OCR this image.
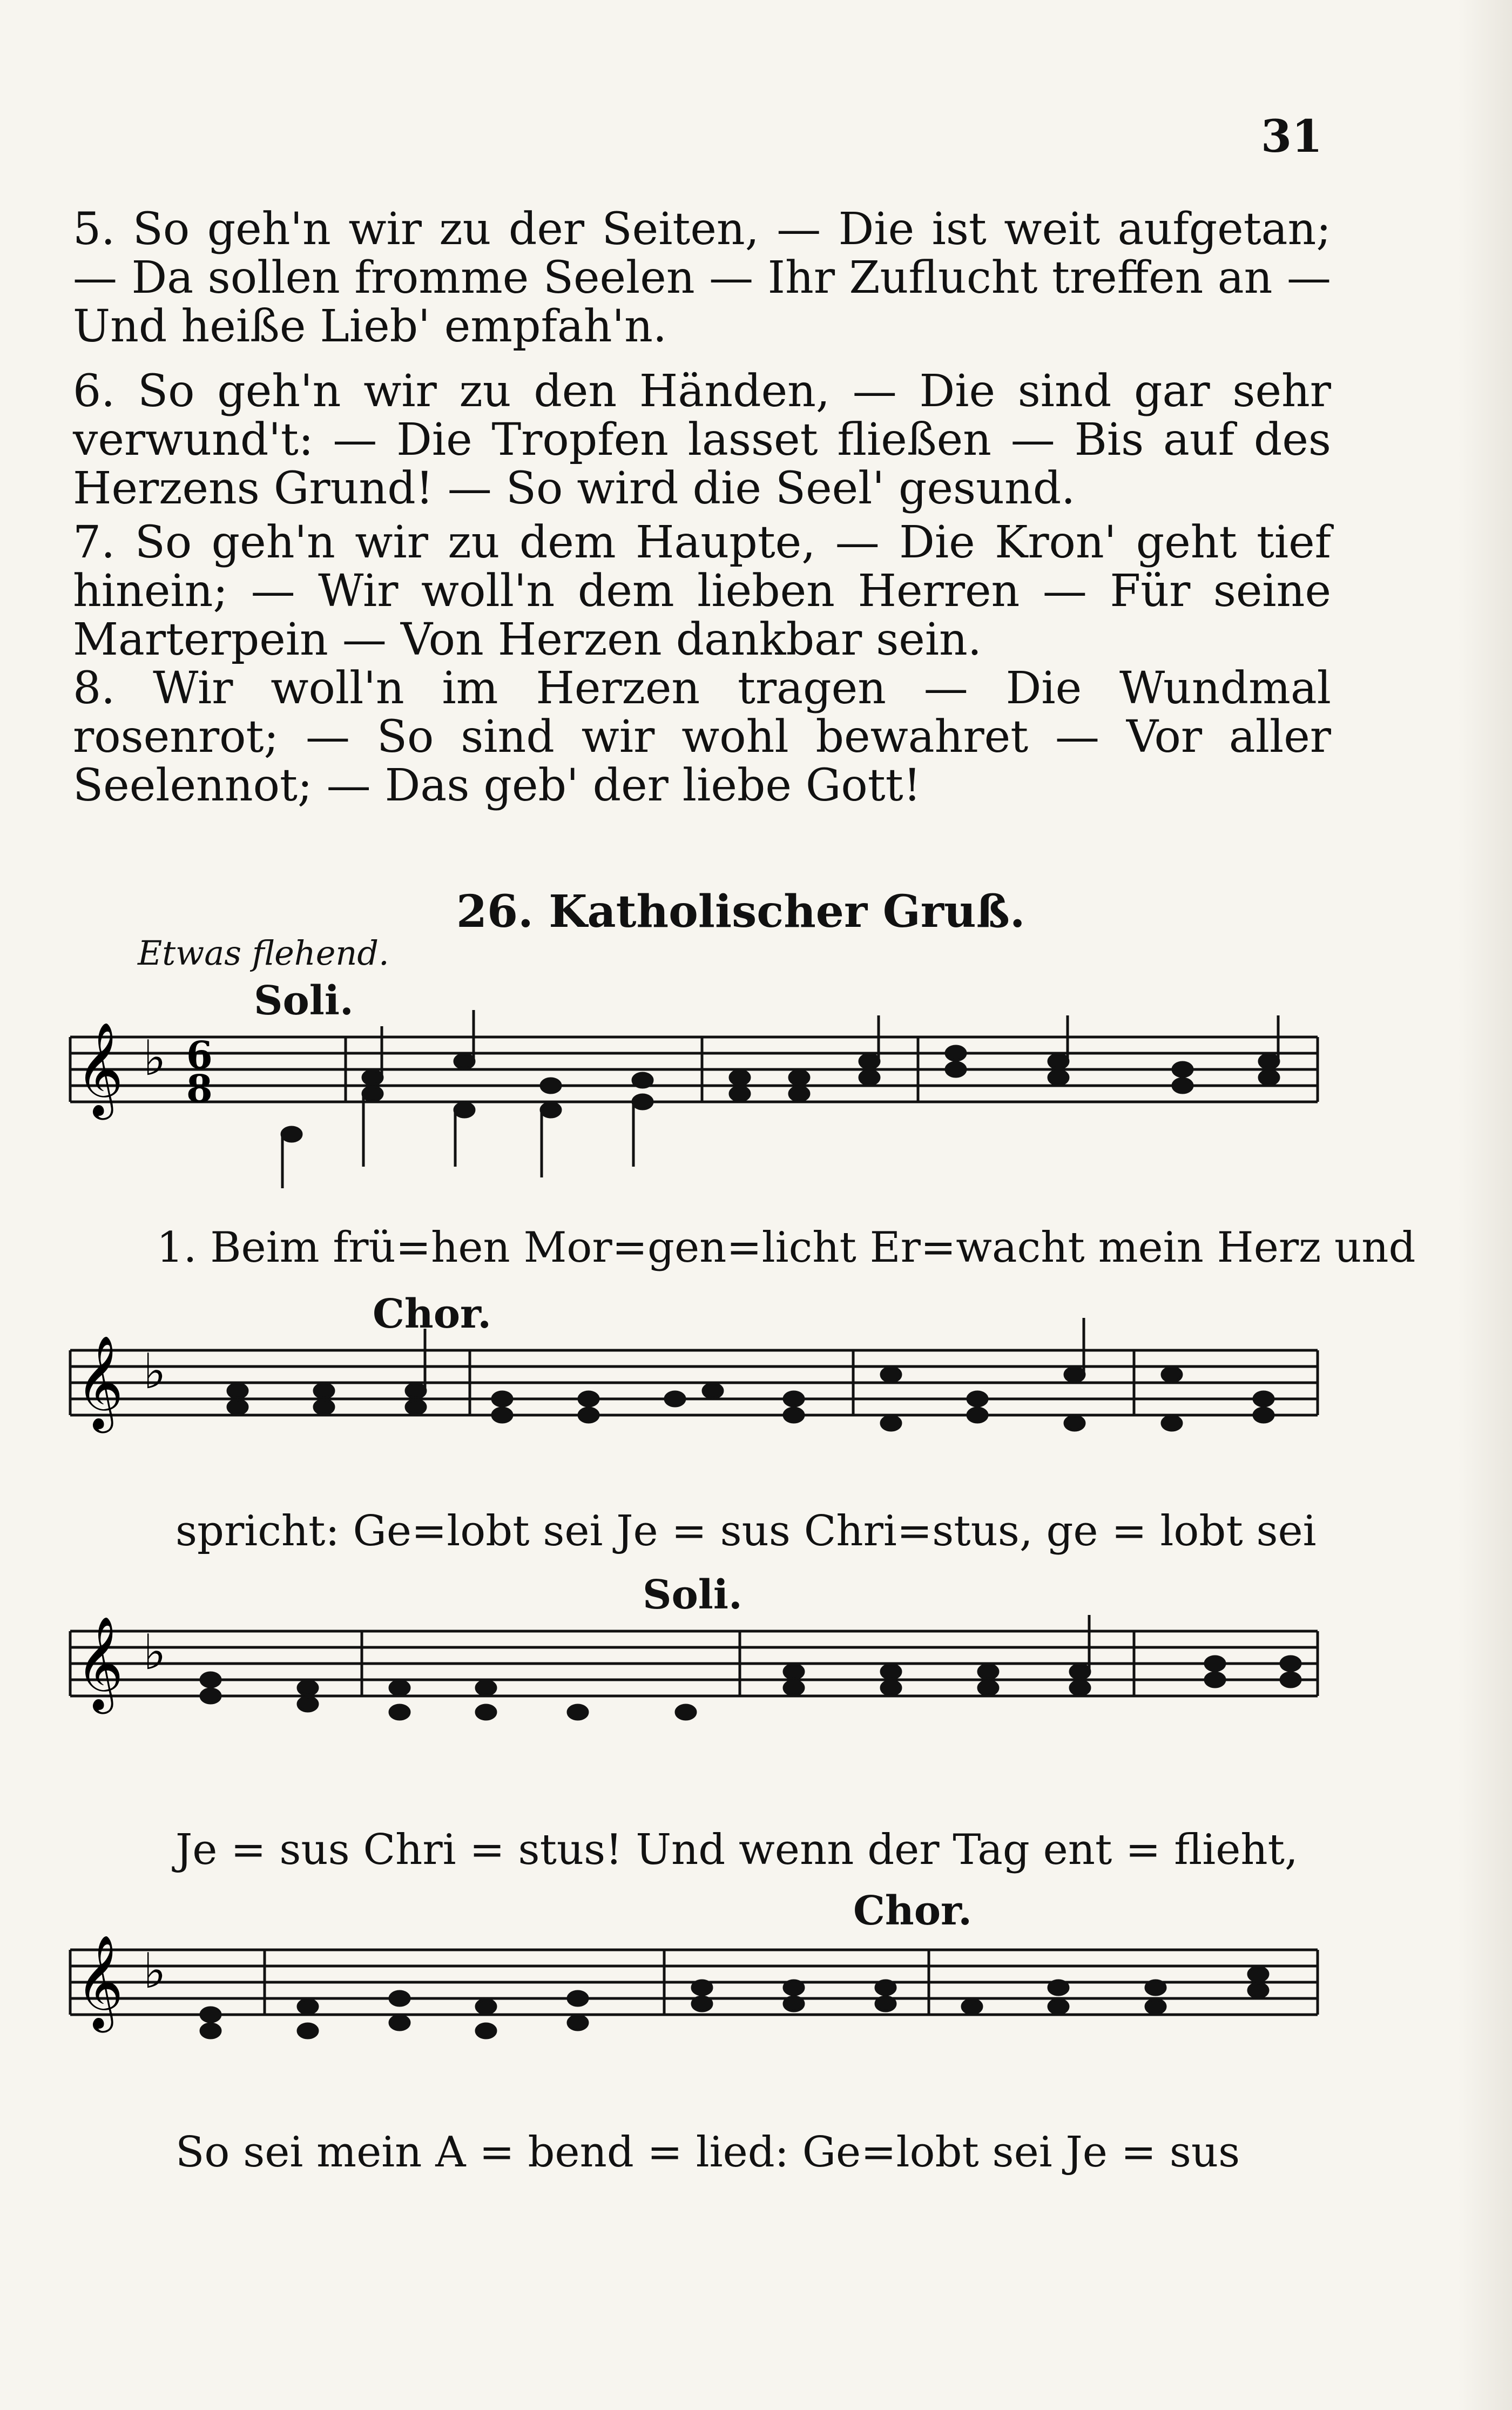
31
5. So geh'n wir zu der Seiten, — Die ist weit aufgetan; — Da sollen fromme Seelen — Ihr Zuflucht treffen an — Und heiße Lieb' empfah'n.
6. So geh'n wir zu den Händen, — Die sind gar sehr verwund't: — Die Tropfen lasset fließen — Bis auf des Herzens Grund! — So wird die Seel' gesund.
7. So geh'n wir zu dem Haupte, — Die Kron' geht tief hinein; — Wir woll'n dem lieben Herren — Für seine Marterpein — Von Herzen dankbar sein.
8. Wir woll'n im Herzen tragen — Die Wundmal rosenrot; — So sind wir wohl bewahret — Vor aller Seelennot; — Das geb' der liebe Gott!
26. Katholischer Gruß.
Etwas flehend.
Soli.
𝄞 ♭ 6
8
1. Beim frü=hen Mor=gen=licht Er=wacht mein Herz und
Chor.
𝄞 ♭
spricht: Ge=lobt sei Je = sus Chri=stus, ge = lobt sei
Soli.
𝄞 ♭
Je = sus Chri = stus! Und wenn der Tag ent = flieht,
Chor.
𝄞 ♭
So sei mein A = bend = lied: Ge=lobt sei Je = sus
